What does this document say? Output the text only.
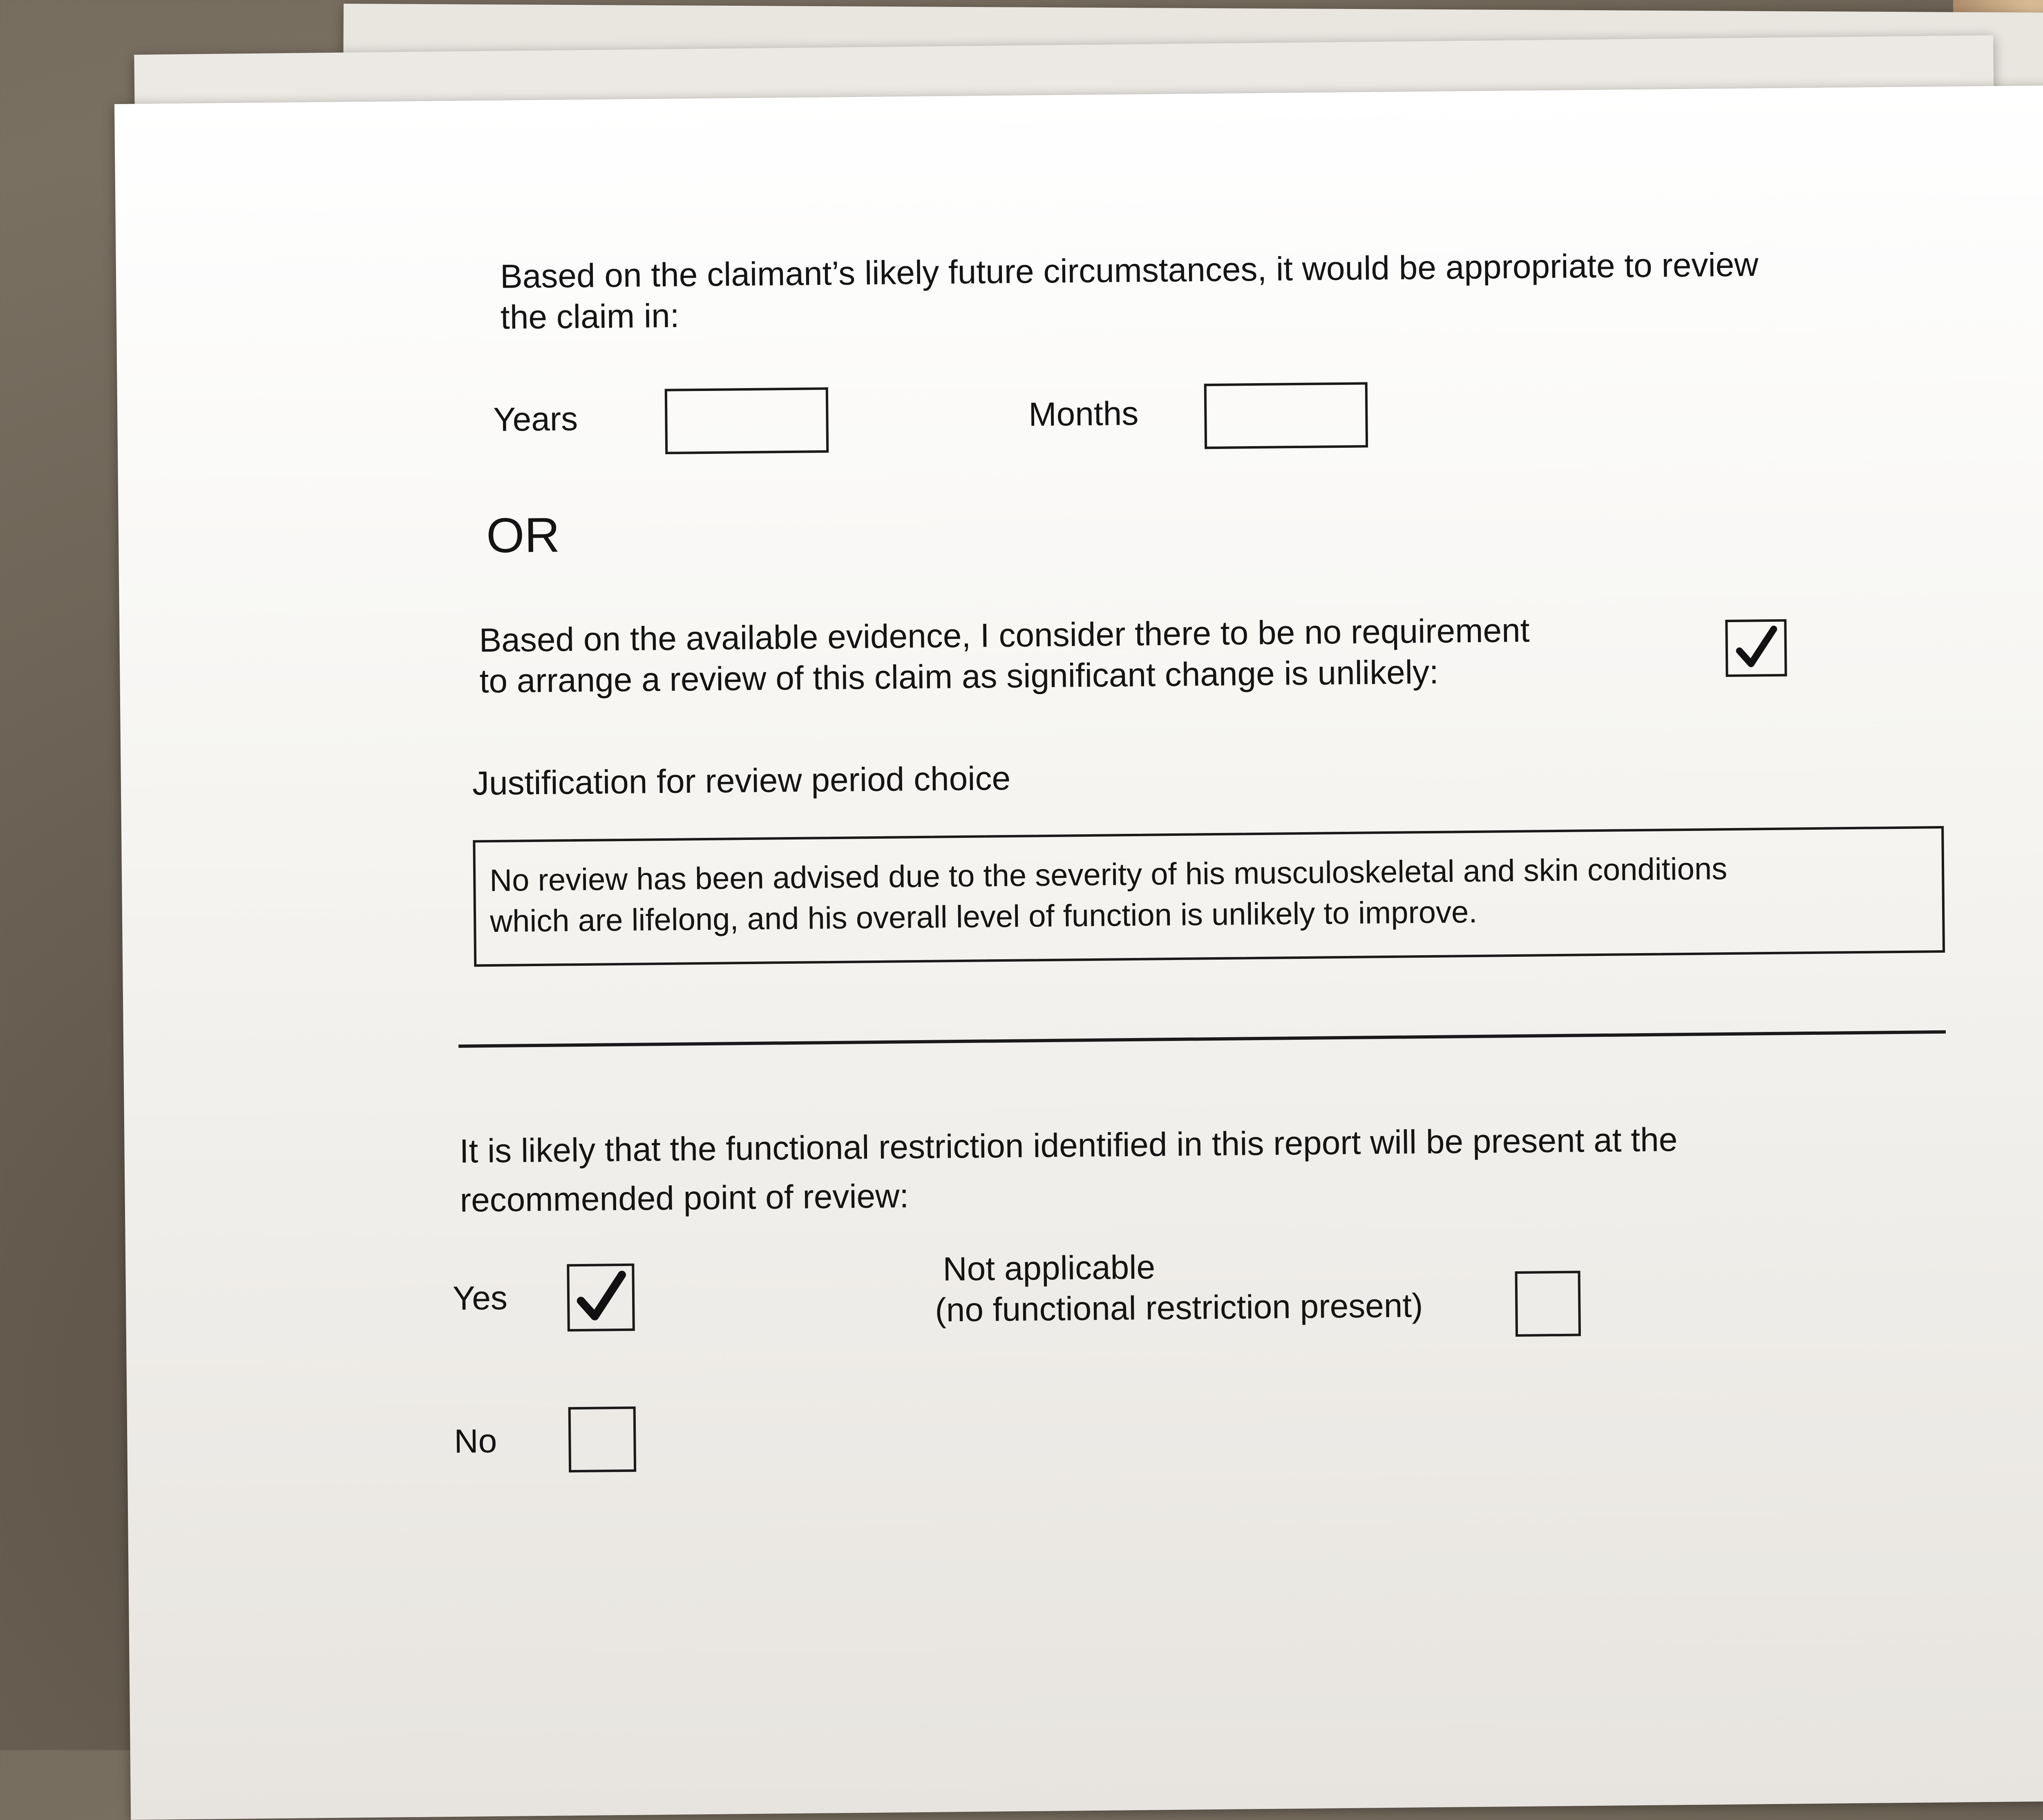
Based on the claimant’s likely future circumstances, it would be appropriate to review
the claim in:
Years	Months
OR
Based on the available evidence, I consider there to be no requirement
to arrange a review of this claim as significant change is unlikely:
Justification for review period choice
No review has been advised due to the severity of his musculoskeletal and skin conditions
which are lifelong, and his overall level of function is unlikely to improve.
It is likely that the functional restriction identified in this report will be present at the
recommended point of review:
Yes
Not applicable
(no functional restriction present)
No
